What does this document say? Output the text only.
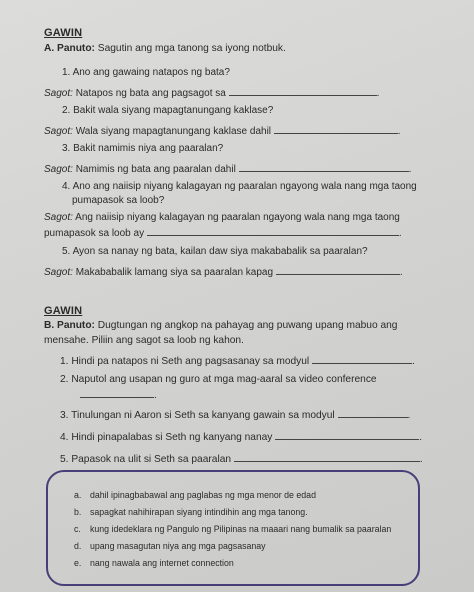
GAWIN
A. Panuto: Sagutin ang mga tanong sa iyong notbuk.
1. Ano ang gawaing natapos ng bata?
Sagot: Natapos ng bata ang pagsagot sa	.
2. Bakit wala siyang mapagtanungang kaklase?
Sagot: Wala siyang mapagtanungang kaklase dahil	.
3. Bakit namimis niya ang paaralan?
Sagot: Namimis ng bata ang paaralan dahil	.
4. Ano ang naiisip niyang kalagayan ng paaralan ngayong wala nang mga taong
pumapasok sa loob?
Sagot: Ang naiisip niyang kalagayan ng paaralan ngayong wala nang mga taong
pumapasok sa loob ay	.
5. Ayon sa nanay ng bata, kailan daw siya makababalik sa paaralan?
Sagot: Makababalik lamang siya sa paaralan kapag	.
GAWIN
B. Panuto: Dugtungan ng angkop na pahayag ang puwang upang mabuo ang mensahe. Piliin ang sagot sa loob ng kahon.
1. Hindi pa natapos ni Seth ang pagsasanay sa modyul	.
2. Naputol ang usapan ng guro at mga mag-aaral sa video conference
.
3. Tinulungan ni Aaron si Seth sa kanyang gawain sa modyul	.
4. Hindi pinapalabas si Seth ng kanyang nanay	.
5. Papasok na ulit si Seth sa paaralan	.
a. dahil ipinagbabawal ang paglabas ng mga menor de edad
b. sapagkat nahihirapan siyang intindihin ang mga tanong.
c. kung idedeklara ng Pangulo ng Pilipinas na maaari nang bumalik sa paaralan
d. upang masagutan niya ang mga pagsasanay
e. nang nawala ang internet connection
